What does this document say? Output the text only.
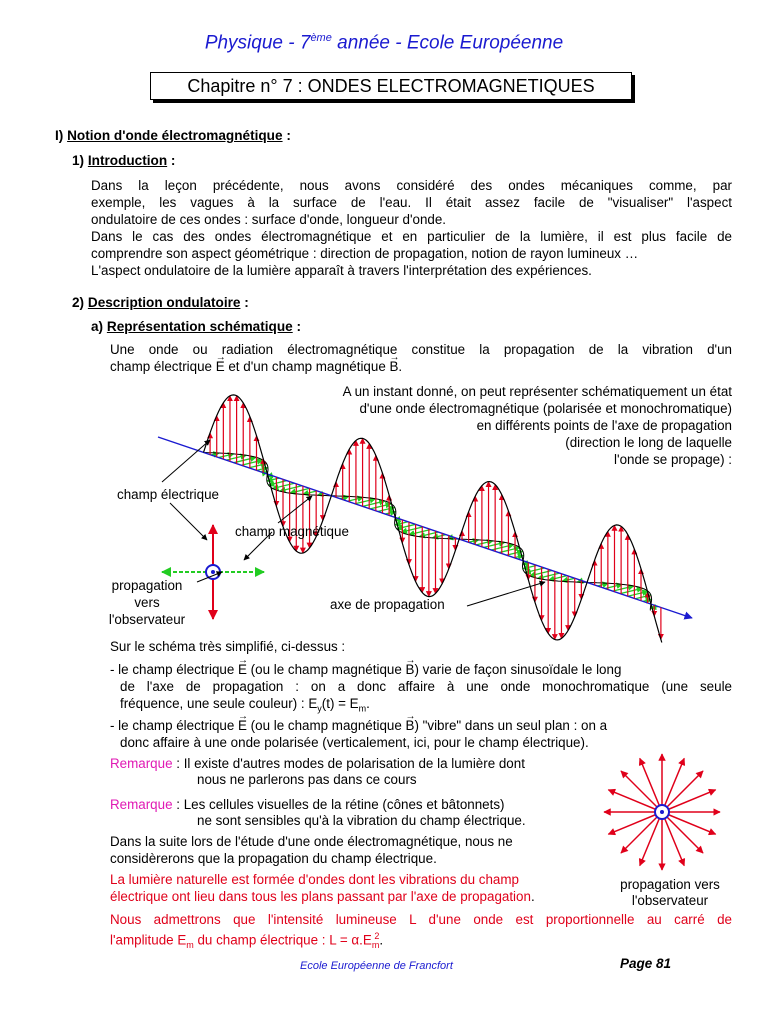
Physique - 7ème année - Ecole Européenne
Chapitre n° 7 : ONDES ELECTROMAGNETIQUES
I) Notion d'onde électromagnétique :
1) Introduction :
Dans la leçon précédente, nous avons considéré des ondes mécaniques comme, par
exemple, les vagues à la surface de l'eau. Il était assez facile de "visualiser" l'aspect
ondulatoire de ces ondes : surface d'onde, longueur d'onde.
Dans le cas des ondes électromagnétique et en particulier de la lumière, il est plus facile de
comprendre son aspect géométrique : direction de propagation, notion de rayon lumineux …
L'aspect ondulatoire de la lumière apparaît à travers l'interprétation des expériences.
2) Description ondulatoire :
a) Représentation schématique :
Une onde ou radiation électromagnétique constitue la propagation de la vibration d'un
champ électrique → E et d'un champ magnétique → B.
A un instant donné, on peut représenter schématiquement un état
d'une onde électromagnétique (polarisée et monochromatique)
en différents points de l'axe de propagation
(direction le long de laquelle
l'onde se propage) :
champ électrique
champ magnétique
axe de propagation
propagation
vers
l'observateur
Sur le schéma très simplifié, ci-dessus :
- le champ électrique → E (ou le champ magnétique → B) varie de façon sinusoïdale le long
de l'axe de propagation : on a donc affaire à une onde monochromatique (une seule
fréquence, une seule couleur) : $E_y(t) = E_m$.
- le champ électrique → E (ou le champ magnétique → B) "vibre" dans un seul plan : on a
donc affaire à une onde polarisée (verticalement, ici, pour le champ électrique).
Remarque : Il existe d'autres modes de polarisation de la lumière dont
nous ne parlerons pas dans ce cours
Remarque : Les cellules visuelles de la rétine (cônes et bâtonnets)
ne sont sensibles qu'à la vibration du champ électrique.
Dans la suite lors de l'étude d'une onde électromagnétique, nous ne
considèrerons que la propagation du champ électrique.
La lumière naturelle est formée d'ondes dont les vibrations du champ
électrique ont lieu dans tous les plans passant par l'axe de propagation.
Nous admettrons que l'intensité lumineuse L d'une onde est proportionnelle au carré de
l'amplitude $E_m$ du champ électrique : $L = \alpha.E_m^2$.
propagation vers
l'observateur
Ecole Européenne de Francfort	Page 81
